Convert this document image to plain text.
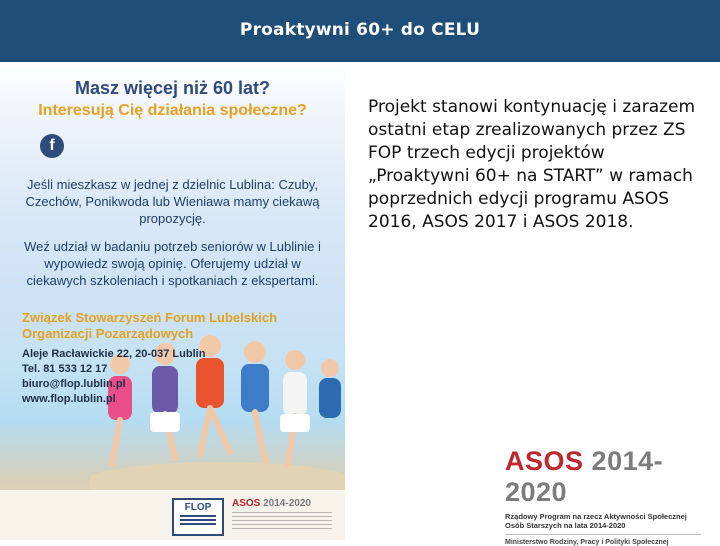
Proaktywni 60+ do CELU
Masz więcej niż 60 lat?
Interesują Cię działania społeczne?
f
Jeśli mieszkasz w jednej z dzielnic Lublina: Czuby, Czechów, Ponikwoda lub Wieniawa mamy ciekawą propozycję.
Weź udział w badaniu potrzeb seniorów w Lublinie i wypowiedz swoją opinię. Oferujemy udział w ciekawych szkoleniach i spotkaniach z ekspertami.
Związek Stowarzyszeń Forum Lubelskich Organizacji Pozarządowych
Aleje Racławickie 22, 20-037 Lublin
Tel. 81 533 12 17
biuro@flop.lublin.pl
www.flop.lublin.pl
FLOP	ASOS 2014-2020
Projekt stanowi kontynuację i zarazem ostatni etap zrealizowanych przez ZS FOP trzech edycji projektów „Proaktywni 60+ na START” w ramach poprzednich edycji programu ASOS 2016, ASOS 2017 i ASOS 2018.
ASOS 2014-2020
Rządowy Program na rzecz Aktywności Społecznej
Osób Starszych na lata 2014-2020
Ministerstwo Rodziny, Pracy i Polityki Społecznej
